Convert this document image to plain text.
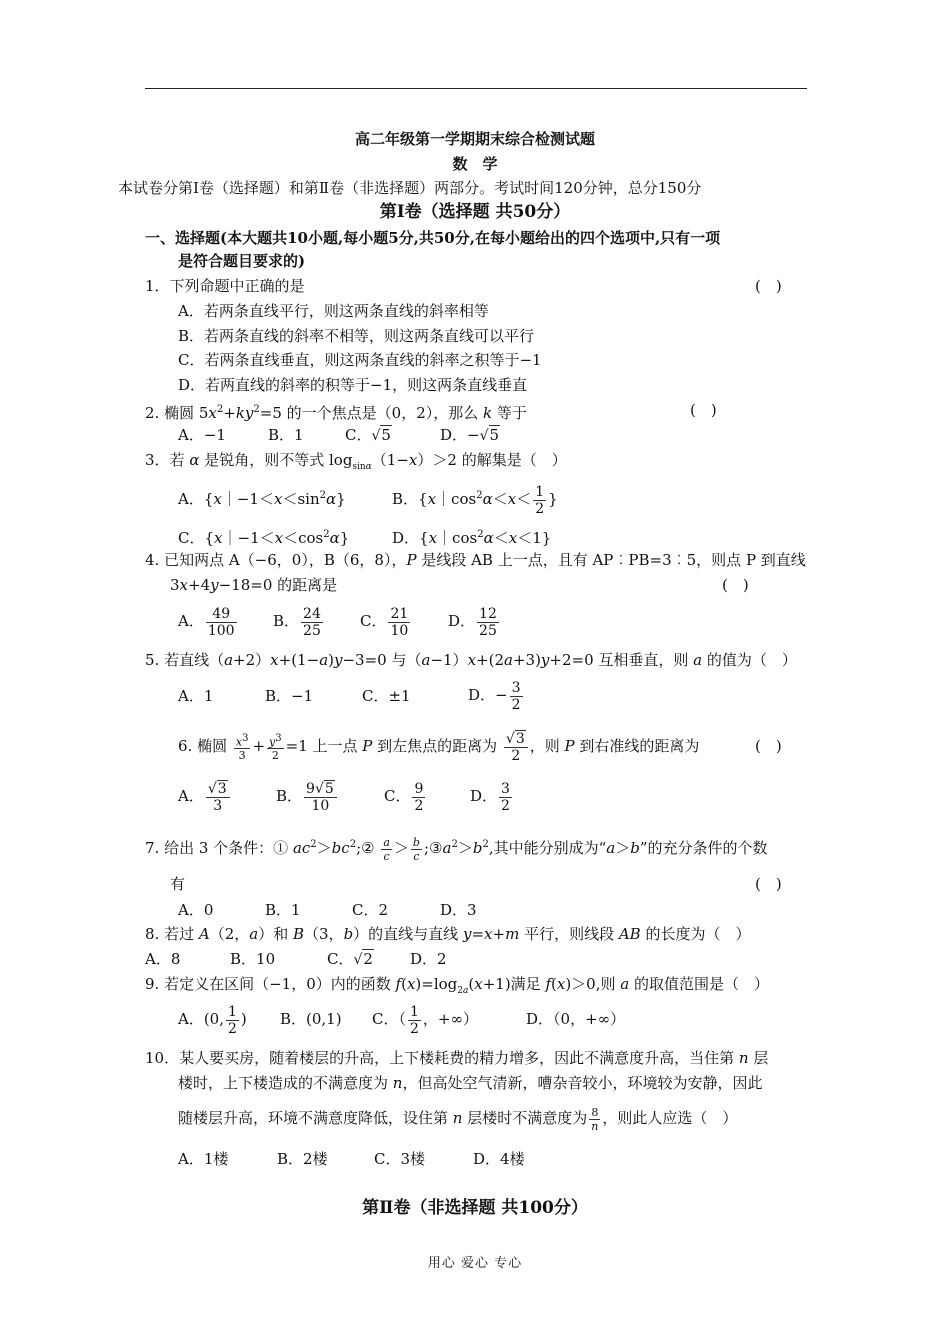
高二年级第一学期期末综合检测试题
数　学
本试卷分第Ⅰ卷（选择题）和第Ⅱ卷（非选择题）两部分。考试时间120分钟，总分150分
第Ⅰ卷（选择题 共50分）
一、选择题(本大题共10小题,每小题5分,共50分,在每小题给出的四个选项中,只有一项
是符合题目要求的)
1．下列命题中正确的是	(　)
A．若两条直线平行，则这两条直线的斜率相等
B．若两条直线的斜率不相等，则这两条直线可以平行
C．若两条直线垂直，则这两条直线的斜率之积等于−1
D．若两直线的斜率的积等于−1，则这两条直线垂直
2. 椭圆 $5x^2+ky^2=5$ 的一个焦点是（0，2），那么 k 等于	(　)
A．−1	B．1	C．√5	D．−√5
3．若 α 是锐角，则不等式 $\log_{sin\alpha}(1-x)>2$ 的解集是（　）
A．$\{x|-1<x<\sin^2\alpha\}$	B．{$x|\cos^2\alpha<x< \frac{1}{2}$ }
C．$\{x|-1<x<\cos^2\alpha\}$	D．$\{x|\cos^2\alpha<x<1\}$
4. 已知两点 A（−6，0），B（6，8），P 是线段 AB 上一点，且有 AP︰PB=3︰5，则点 P 到直线
3x+4y−18=0 的距离是	(　)
A． $\frac{49}{100}$ B． $\frac{24}{25}$ C． $\frac{21}{10}$	D． $\frac{12}{25}$
5. 若直线（a+2）x+(1−a)y−3=0 与（a−1）x+(2a+3)y+2=0 互相垂直，则 a 的值为（　）
A．1	B．−1	C．±1	D．− $\frac{3}{2}$
6. 椭圆 $\frac{x^3}{3} + \frac{y^3}{2} =1$ 上一点 P 到左焦点的距离为 $\frac{√3}{2}$ ，则 P 到右准线的距离为	(　)
A． $\frac{√3}{3}$	B． $\frac{9√5}{10}$	C． $\frac{9}{2}$	D． $\frac{3}{2}$
7. 给出 3 个条件：① $ac^2>bc^2;② \frac{a}{c} > \frac{b}{c}$ $;③a^2>b^2$,其中能分别成为“a＞b”的充分条件的个数
有	(　)
A．0	B．1	C．2	D．3
8. 若过 A（2，a）和 B（3，b）的直线与直线 y=x+m 平行，则线段 AB 的长度为（　）
A．8	B．10	C．√2 D．2
9. 若定义在区间（−1，0）内的函数 $f(x)=\log_{2a}(x+1)$满足 f(x)＞0,则 a 的取值范围是（　）
A．(0, $\frac{1}{2}$ ) B．(0,1) C．（ $\frac{1}{2}$ ，+∞）	D．（0，+∞）
10．某人要买房，随着楼层的升高，上下楼耗费的精力增多，因此不满意度升高，当住第 n 层
楼时，上下楼造成的不满意度为 n，但高处空气清新，嘈杂音较小，环境较为安静，因此
随楼层升高，环境不满意度降低，设住第 n 层楼时不满意度为 $\frac{8}{n}$ ，则此人应选（　）
A．1楼	B．2楼	C．3楼	D．4楼
第Ⅱ卷（非选择题 共100分）
用心 爱心 专心
